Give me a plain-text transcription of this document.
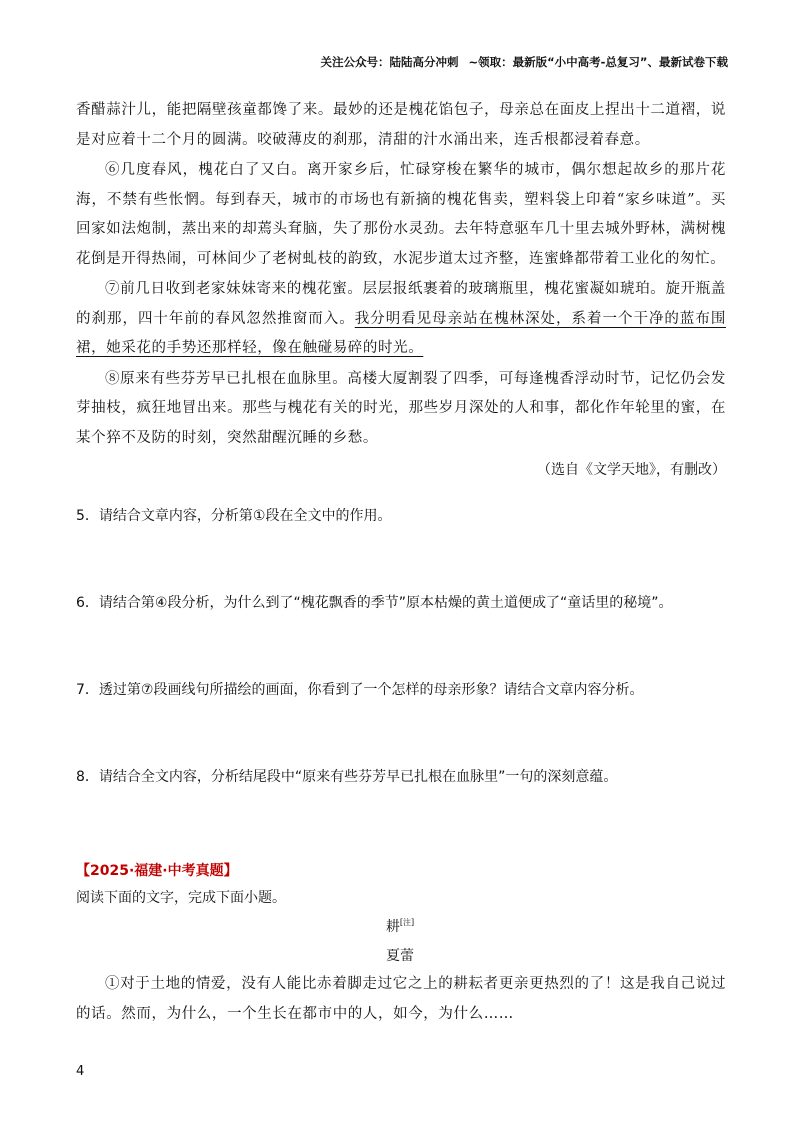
关注公众号：陆陆高分冲刺 ~领取：最新版“小中高考-总复习”、最新试卷下载

香醋蒜汁儿，能把隔壁孩童都馋了来。最妙的还是槐花馅包子，母亲总在面皮上捏出十二道褶，说是对应着十二个月的圆满。咬破薄皮的刹那，清甜的汁水涌出来，连舌根都浸着春意。

⑥几度春风，槐花白了又白。离开家乡后，忙碌穿梭在繁华的城市，偶尔想起故乡的那片花海，不禁有些怅惘。每到春天，城市的市场也有新摘的槐花售卖，塑料袋上印着“家乡味道”。买回家如法炮制，蒸出来的却蔫头耷脑，失了那份水灵劲。去年特意驱车几十里去城外野林，满树槐花倒是开得热闹，可林间少了老树虬枝的韵致，水泥步道太过齐整，连蜜蜂都带着工业化的匆忙。

⑦前几日收到老家妹妹寄来的槐花蜜。层层报纸裹着的玻璃瓶里，槐花蜜凝如琥珀。旋开瓶盖的刹那，四十年前的春风忽然推窗而入。我分明看见母亲站在槐林深处，系着一个干净的蓝布围裙，她采花的手势还那样轻，像在触碰易碎的时光。

⑧原来有些芬芳早已扎根在血脉里。高楼大厦割裂了四季，可每逢槐香浮动时节，记忆仍会发芽抽枝，疯狂地冒出来。那些与槐花有关的时光，那些岁月深处的人和事，都化作年轮里的蜜，在某个猝不及防的时刻，突然甜醒沉睡的乡愁。

（选自《文学天地》，有删改）
5．请结合文章内容，分析第①段在全文中的作用。
6．请结合第④段分析，为什么到了“槐花飘香的季节”原本枯燥的黄土道便成了“童话里的秘境”。
7．透过第⑦段画线句所描绘的画面，你看到了一个怎样的母亲形象？请结合文章内容分析。
8．请结合全文内容，分析结尾段中“原来有些芬芳早已扎根在血脉里”一句的深刻意蕴。
【2025·福建·中考真题】
阅读下面的文字，完成下面小题。
耕[注]
夏蕾

①对于土地的情爱，没有人能比赤着脚走过它之上的耕耘者更亲更热烈的了！这是我自己说过的话。然而，为什么，一个生长在都市中的人，如今，为什么……

4
